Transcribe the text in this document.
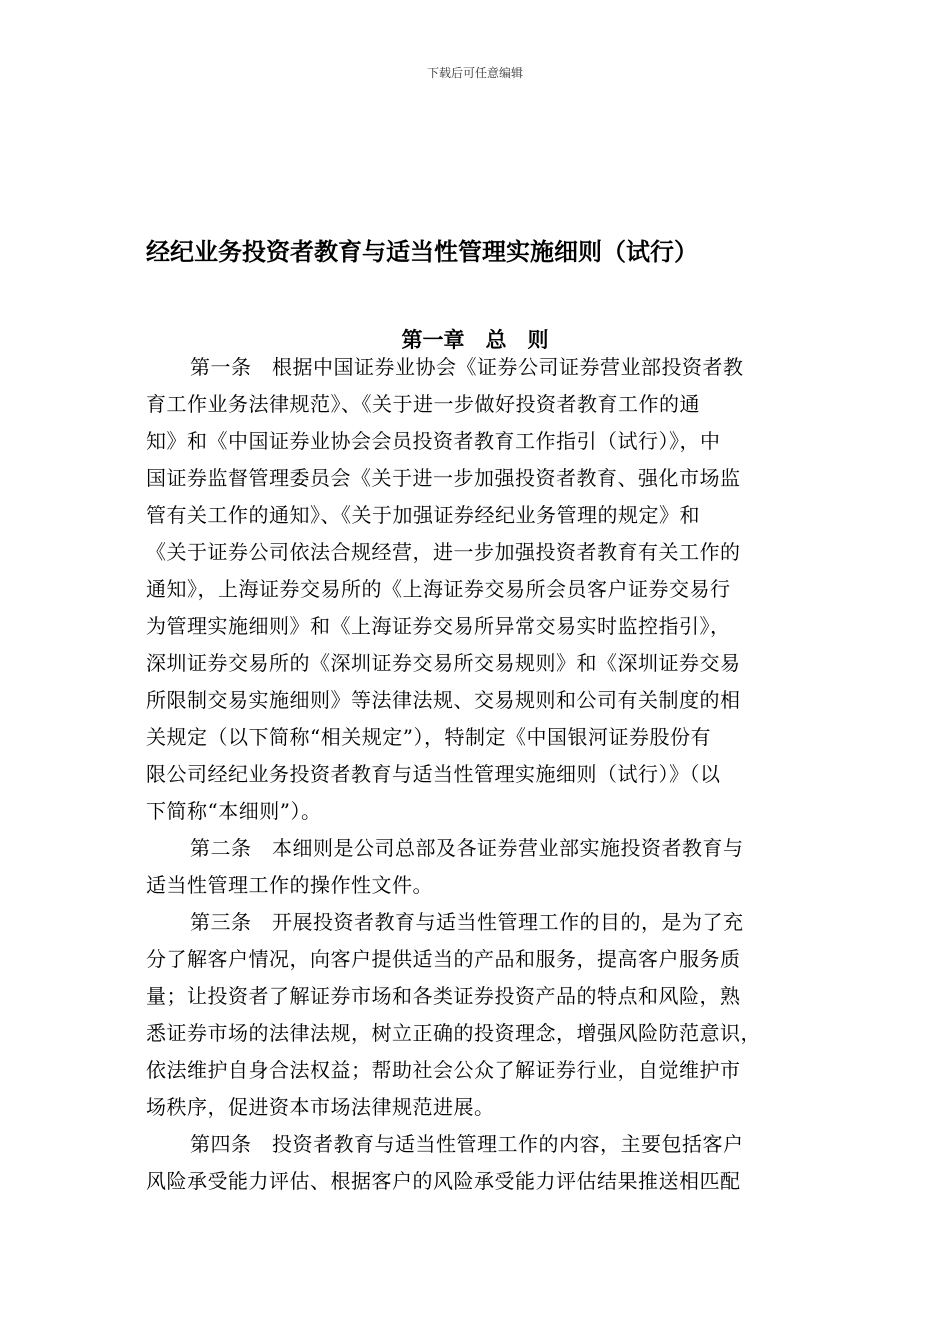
下载后可任意编辑
经纪业务投资者教育与适当性管理实施细则（试行）
第一章　总　则
第一条　根据中国证券业协会《证券公司证券营业部投资者教
育工作业务法律规范》、《关于进一步做好投资者教育工作的通
知》和《中国证券业协会会员投资者教育工作指引（试行）》，中
国证券监督管理委员会《关于进一步加强投资者教育、强化市场监
管有关工作的通知》、《关于加强证券经纪业务管理的规定》和
《关于证券公司依法合规经营，进一步加强投资者教育有关工作的
通知》，上海证券交易所的《上海证券交易所会员客户证券交易行
为管理实施细则》和《上海证券交易所异常交易实时监控指引》，
深圳证券交易所的《深圳证券交易所交易规则》和《深圳证券交易
所限制交易实施细则》等法律法规、交易规则和公司有关制度的相
关规定（以下简称“相关规定”），特制定《中国银河证券股份有
限公司经纪业务投资者教育与适当性管理实施细则（试行）》（以
下简称“本细则”）。
第二条　本细则是公司总部及各证券营业部实施投资者教育与
适当性管理工作的操作性文件。
第三条　开展投资者教育与适当性管理工作的目的，是为了充
分了解客户情况，向客户提供适当的产品和服务，提高客户服务质
量；让投资者了解证券市场和各类证券投资产品的特点和风险，熟
悉证券市场的法律法规，树立正确的投资理念，增强风险防范意识，
依法维护自身合法权益；帮助社会公众了解证券行业，自觉维护市
场秩序，促进资本市场法律规范进展。
第四条　投资者教育与适当性管理工作的内容，主要包括客户
风险承受能力评估、根据客户的风险承受能力评估结果推送相匹配
